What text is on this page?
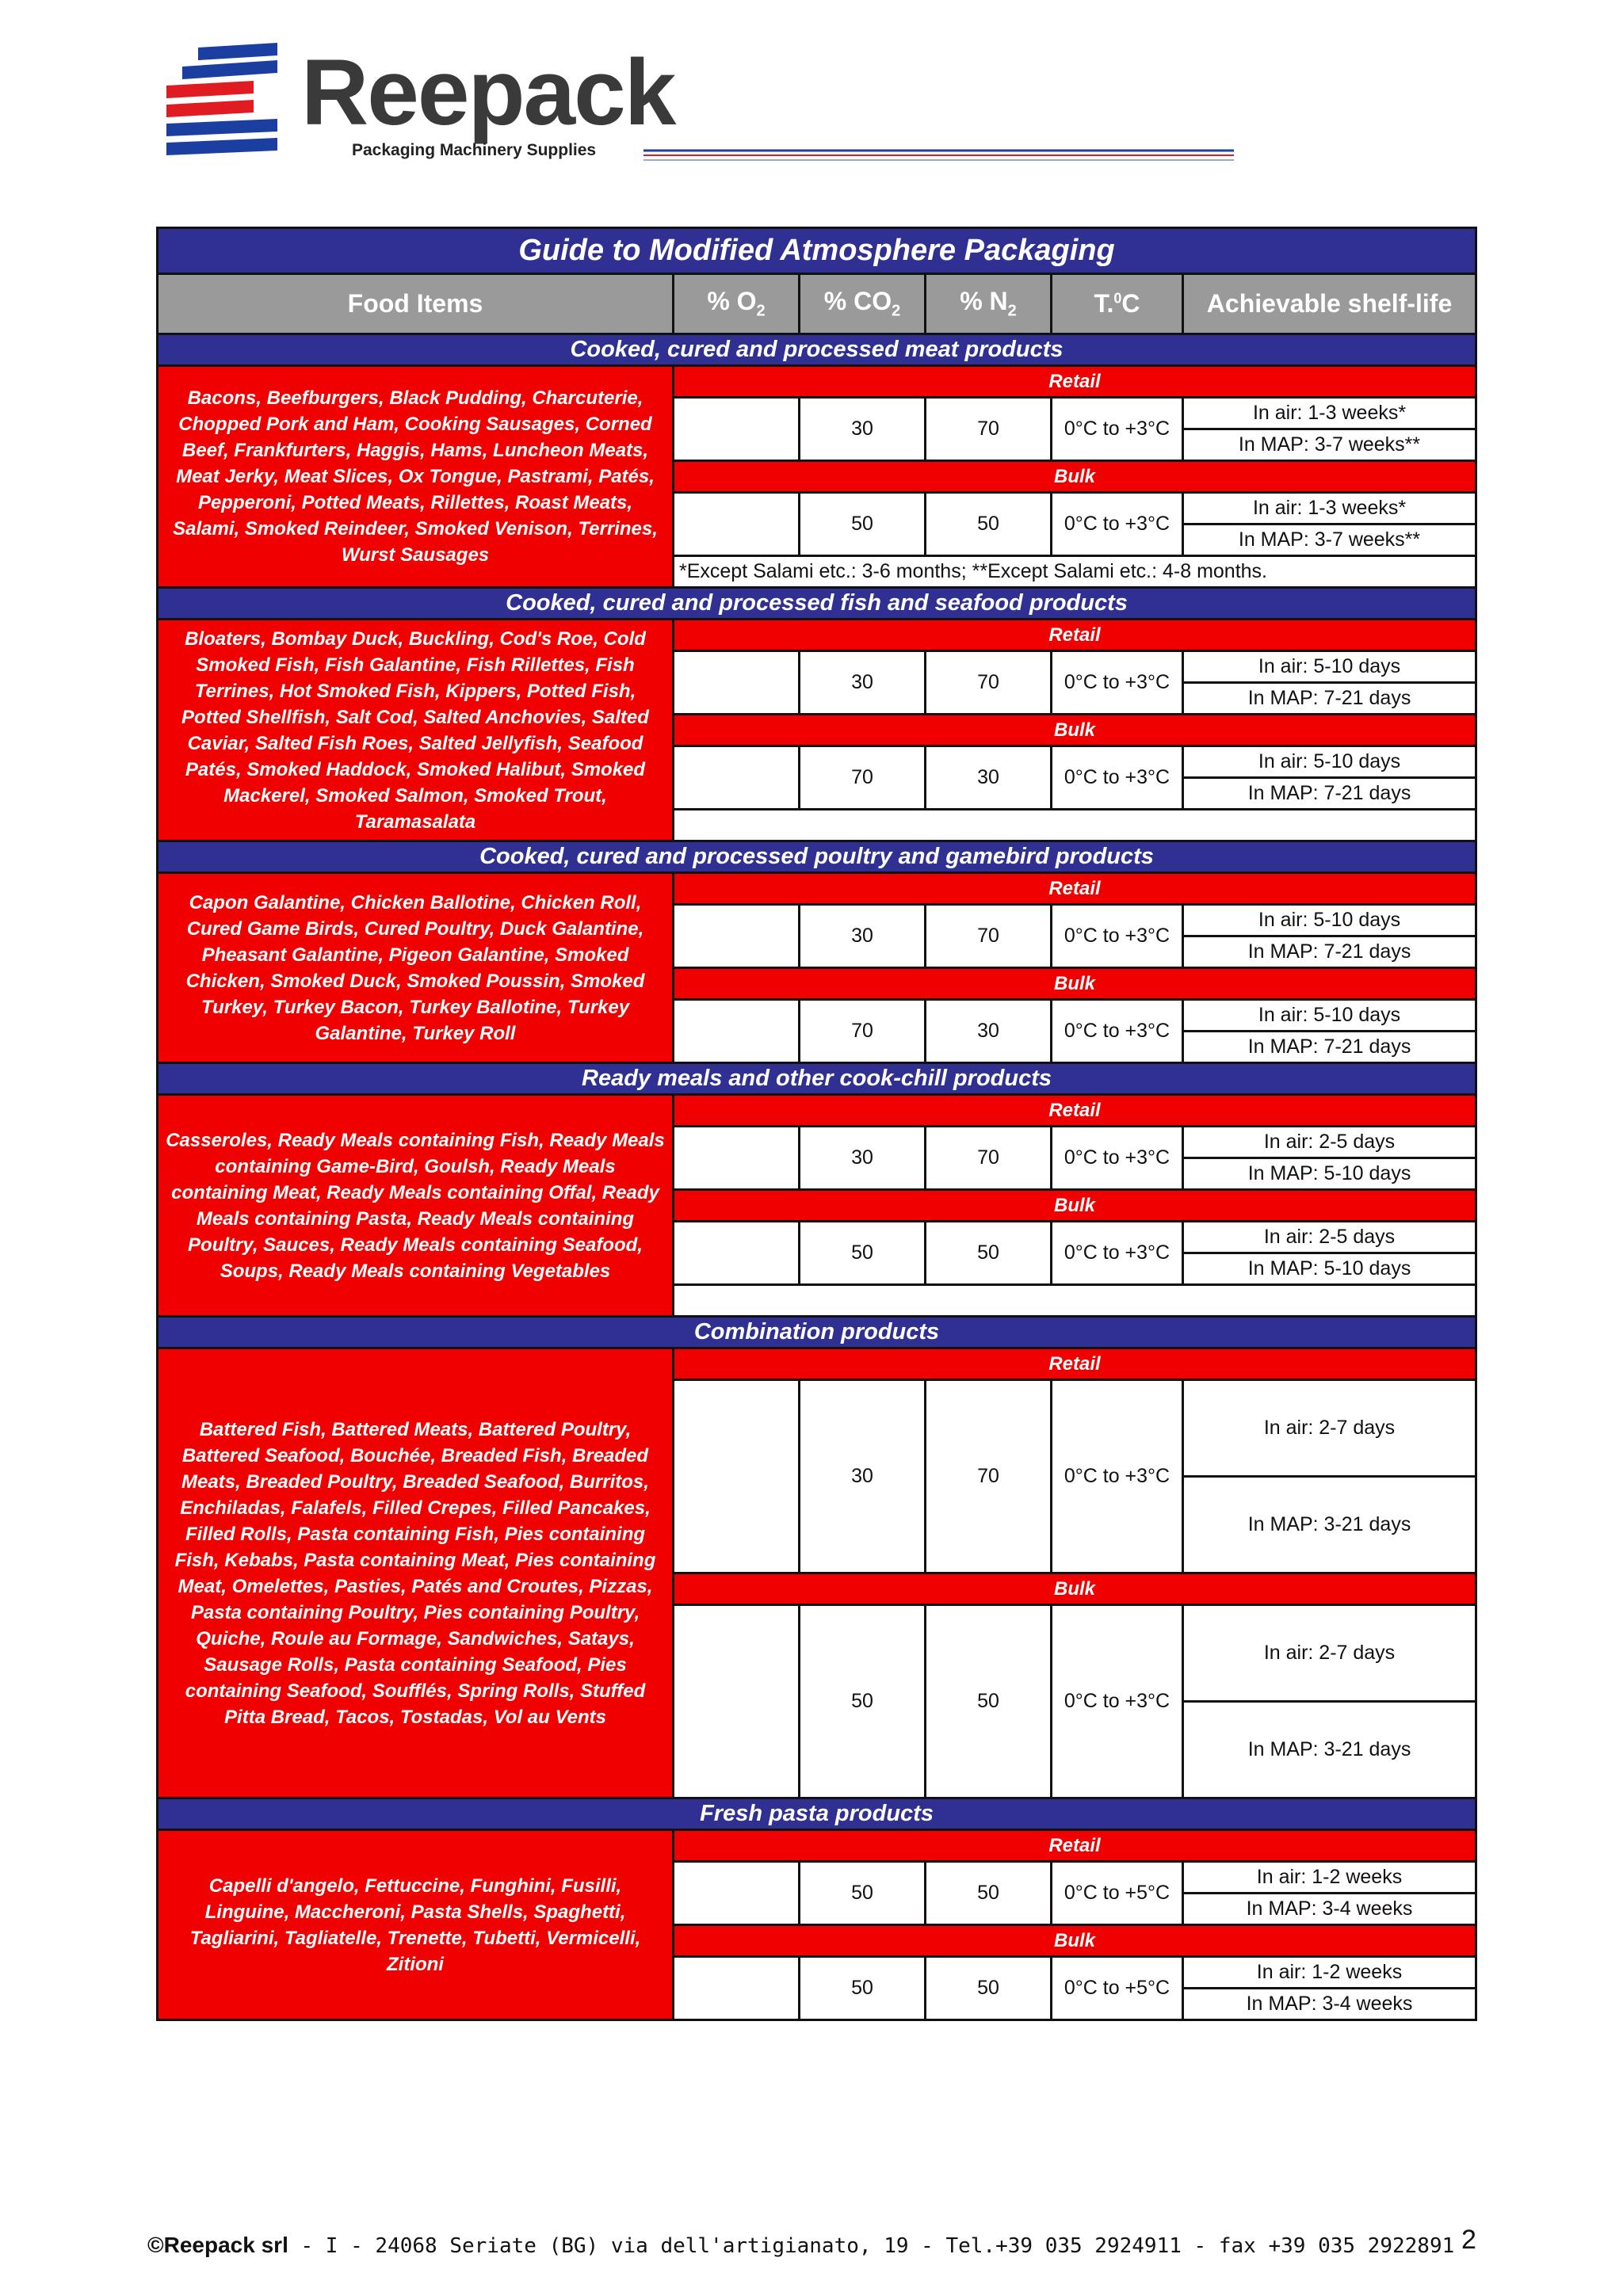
Reepack
Packaging Machinery Supplies
Guide to Modified Atmosphere Packaging					
Food Items	% $O_2$	% $CO_2$	% $N_2$	T.$^0$C	Achievable shelf-life
Cooked, cured and processed meat products					
Bacons, Beefburgers, Black Pudding, Charcuterie, Chopped Pork and Ham, Cooking Sausages, Corned Beef, Frankfurters, Haggis, Hams, Luncheon Meats, Meat Jerky, Meat Slices, Ox Tongue, Pastrami, Patés, Pepperoni, Potted Meats, Rillettes, Roast Meats, Salami, Smoked Reindeer, Smoked Venison, Terrines, Wurst Sausages	Retail				
		30	70	0°C to +3°C	In air: 1-3 weeks*
					In MAP: 3-7 weeks**
	Bulk				
		50	50	0°C to +3°C	In air: 1-3 weeks*
					In MAP: 3-7 weeks**
	*Except Salami etc.: 3-6 months; **Except Salami etc.: 4-8 months.				
Cooked, cured and processed fish and seafood products					
Bloaters, Bombay Duck, Buckling, Cod's Roe, Cold Smoked Fish, Fish Galantine, Fish Rillettes, Fish Terrines, Hot Smoked Fish, Kippers, Potted Fish, Potted Shellfish, Salt Cod, Salted Anchovies, Salted Caviar, Salted Fish Roes, Salted Jellyfish, Seafood Patés, Smoked Haddock, Smoked Halibut, Smoked Mackerel, Smoked Salmon, Smoked Trout, Taramasalata	Retail				
		30	70	0°C to +3°C	In air: 5-10 days
					In MAP: 7-21 days
	Bulk				
		70	30	0°C to +3°C	In air: 5-10 days
					In MAP: 7-21 days

Cooked, cured and processed poultry and gamebird products					
Capon Galantine, Chicken Ballotine, Chicken Roll, Cured Game Birds, Cured Poultry, Duck Galantine, Pheasant Galantine, Pigeon Galantine, Smoked Chicken, Smoked Duck, Smoked Poussin, Smoked Turkey, Turkey Bacon, Turkey Ballotine, Turkey Galantine, Turkey Roll	Retail				
		30	70	0°C to +3°C	In air: 5-10 days
					In MAP: 7-21 days
	Bulk				
		70	30	0°C to +3°C	In air: 5-10 days
					In MAP: 7-21 days
Ready meals and other cook-chill products					
Casseroles, Ready Meals containing Fish, Ready Meals containing Game-Bird, Goulsh, Ready Meals containing Meat, Ready Meals containing Offal, Ready Meals containing Pasta, Ready Meals containing Poultry, Sauces, Ready Meals containing Seafood, Soups, Ready Meals containing Vegetables	Retail				
		30	70	0°C to +3°C	In air: 2-5 days
					In MAP: 5-10 days
	Bulk				
		50	50	0°C to +3°C	In air: 2-5 days
					In MAP: 5-10 days

Combination products					
Battered Fish, Battered Meats, Battered Poultry, Battered Seafood, Bouchée, Breaded Fish, Breaded Meats, Breaded Poultry, Breaded Seafood, Burritos, Enchiladas, Falafels, Filled Crepes, Filled Pancakes, Filled Rolls, Pasta containing Fish, Pies containing Fish, Kebabs, Pasta containing Meat, Pies containing Meat, Omelettes, Pasties, Patés and Croutes, Pizzas, Pasta containing Poultry, Pies containing Poultry, Quiche, Roule au Formage, Sandwiches, Satays, Sausage Rolls, Pasta containing Seafood, Pies containing Seafood, Soufflés, Spring Rolls, Stuffed Pitta Bread, Tacos, Tostadas, Vol au Vents	Retail				
		30	70	0°C to +3°C	In air: 2-7 days
					In MAP: 3-21 days
	Bulk				
		50	50	0°C to +3°C	In air: 2-7 days
					In MAP: 3-21 days
Fresh pasta products					
Capelli d'angelo, Fettuccine, Funghini, Fusilli, Linguine, Maccheroni, Pasta Shells, Spaghetti, Tagliarini, Tagliatelle, Trenette, Tubetti, Vermicelli, Zitioni	Retail				
		50	50	0°C to +5°C	In air: 1-2 weeks
					In MAP: 3-4 weeks
	Bulk				
		50	50	0°C to +5°C	In air: 1-2 weeks
					In MAP: 3-4 weeks
©Reepack srl - I - 24068 Seriate (BG) via dell'artigianato, 19 - Tel.+39 035 2924911 - fax +39 035 2922891 2
